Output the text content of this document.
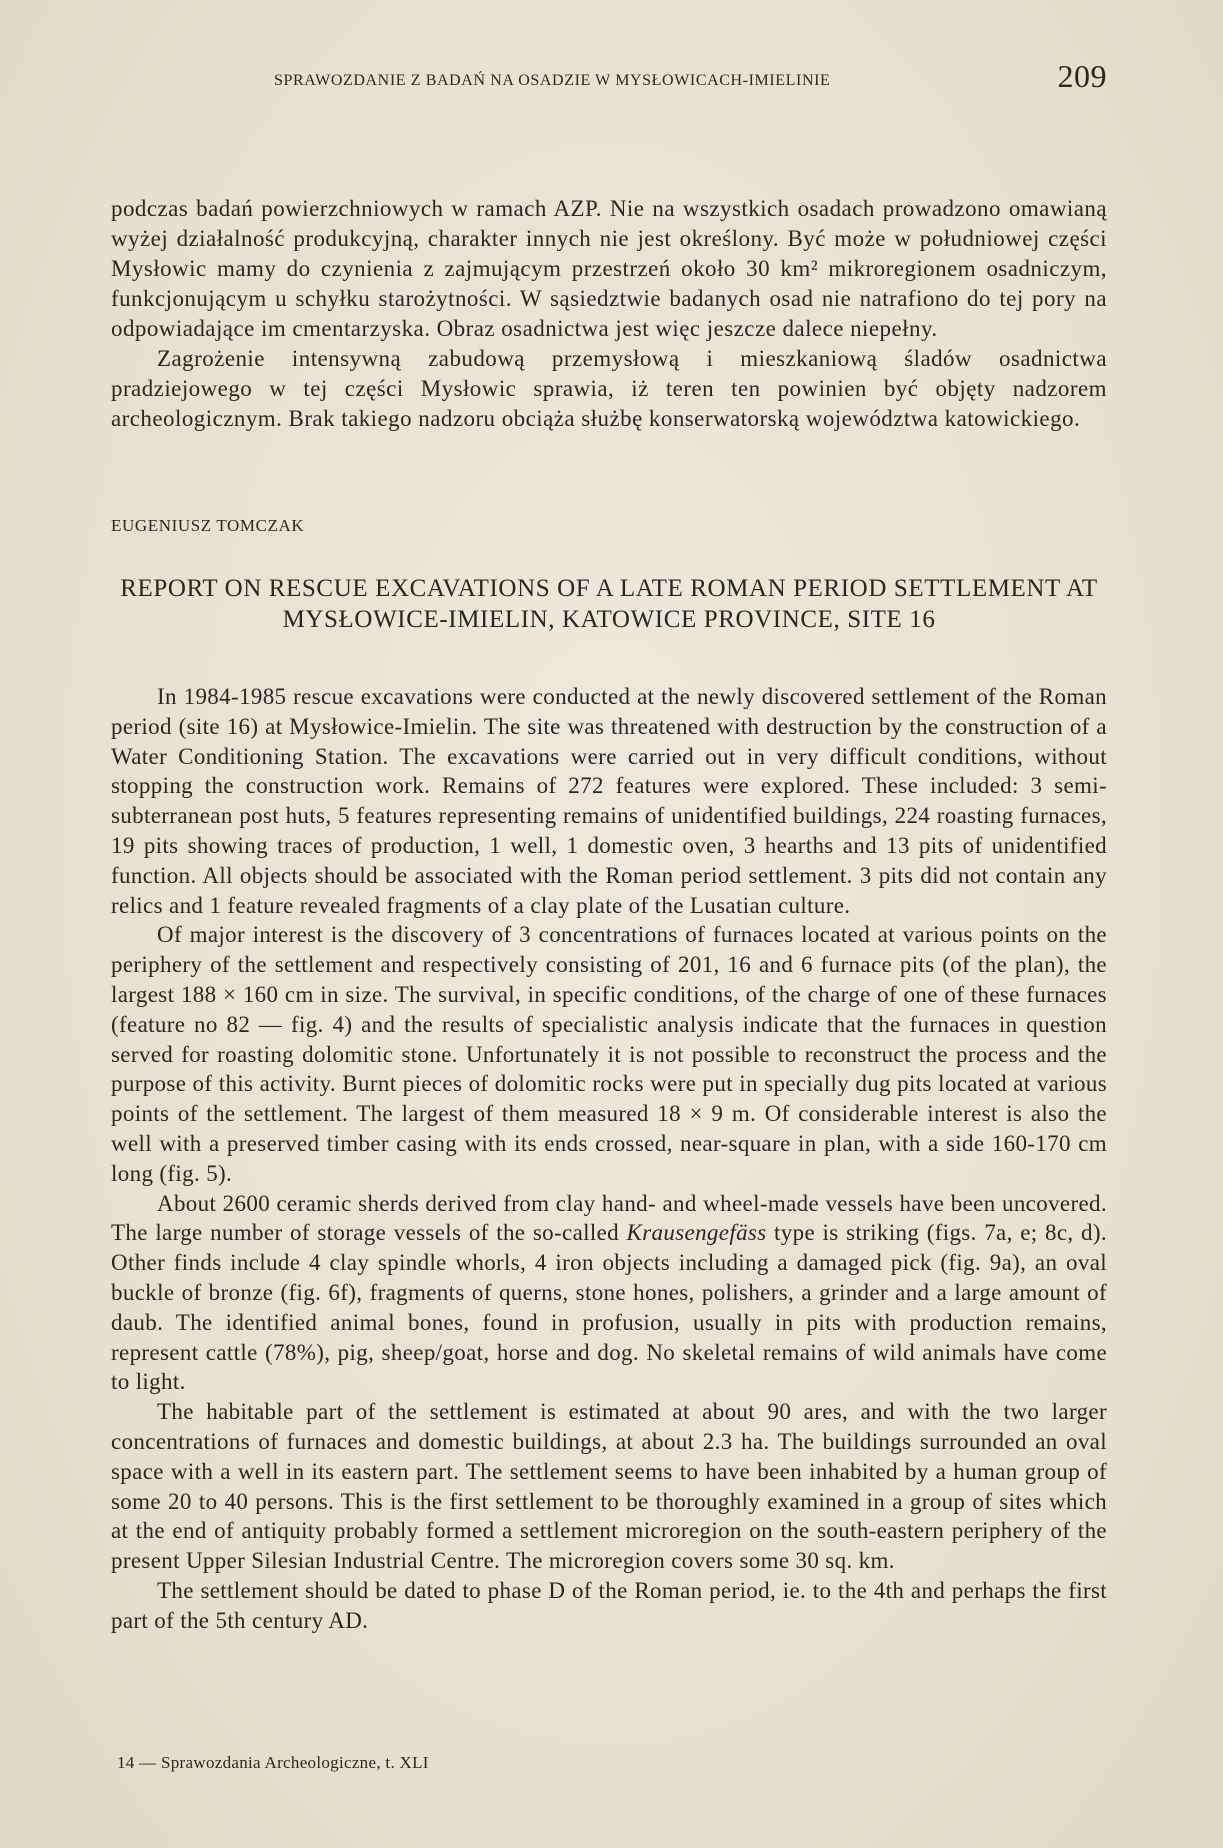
SPRAWOZDANIE Z BADAŃ NA OSADZIE W MYSŁOWICACH-IMIELINIE	209

podczas badań powierzchniowych w ramach AZP. Nie na wszystkich osadach prowadzono omawianą wyżej działalność produkcyjną, charakter innych nie jest określony. Być może w południowej części Mysłowic mamy do czynienia z zajmującym przestrzeń około 30 km² mikroregionem osadniczym, funkcjonującym u schyłku starożytności. W sąsiedztwie badanych osad nie natrafiono do tej pory na odpowiadające im cmentarzyska. Obraz osadnictwa jest więc jeszcze dalece niepełny.

Zagrożenie intensywną zabudową przemysłową i mieszkaniową śladów osadnictwa pradziejowego w tej części Mysłowic sprawia, iż teren ten powinien być objęty nadzorem archeologicznym. Brak takiego nadzoru obciąża służbę konserwatorską województwa katowickiego.

EUGENIUSZ TOMCZAK
REPORT ON RESCUE EXCAVATIONS OF A LATE ROMAN PERIOD SETTLEMENT AT
MYSŁOWICE-IMIELIN, KATOWICE PROVINCE, SITE 16

In 1984-1985 rescue excavations were conducted at the newly discovered settlement of the Roman period (site 16) at Mysłowice-Imielin. The site was threatened with destruction by the construction of a Water Conditioning Station. The excavations were carried out in very difficult conditions, without stopping the construction work. Remains of 272 features were explored. These included: 3 semi-subterranean post huts, 5 features representing remains of unidentified buildings, 224 roasting furnaces, 19 pits showing traces of production, 1 well, 1 domestic oven, 3 hearths and 13 pits of unidentified function. All objects should be associated with the Roman period settlement. 3 pits did not contain any relics and 1 feature revealed fragments of a clay plate of the Lusatian culture.

Of major interest is the discovery of 3 concentrations of furnaces located at various points on the periphery of the settlement and respectively consisting of 201, 16 and 6 furnace pits (of the plan), the largest 188 × 160 cm in size. The survival, in specific conditions, of the charge of one of these furnaces (feature no 82 — fig. 4) and the results of specialistic analysis indicate that the furnaces in question served for roasting dolomitic stone. Unfortunately it is not possible to reconstruct the process and the purpose of this activity. Burnt pieces of dolomitic rocks were put in specially dug pits located at various points of the settlement. The largest of them measured 18 × 9 m. Of considerable interest is also the well with a preserved timber casing with its ends crossed, near-square in plan, with a side 160-170 cm long (fig. 5).

About 2600 ceramic sherds derived from clay hand- and wheel-made vessels have been uncovered. The large number of storage vessels of the so-called Krausengefäss type is striking (figs. 7a, e; 8c, d). Other finds include 4 clay spindle whorls, 4 iron objects including a damaged pick (fig. 9a), an oval buckle of bronze (fig. 6f), fragments of querns, stone hones, polishers, a grinder and a large amount of daub. The identified animal bones, found in profusion, usually in pits with production remains, represent cattle (78%), pig, sheep/goat, horse and dog. No skeletal remains of wild animals have come to light.

The habitable part of the settlement is estimated at about 90 ares, and with the two larger concentrations of furnaces and domestic buildings, at about 2.3 ha. The buildings surrounded an oval space with a well in its eastern part. The settlement seems to have been inhabited by a human group of some 20 to 40 persons. This is the first settlement to be thoroughly examined in a group of sites which at the end of antiquity probably formed a settlement microregion on the south-eastern periphery of the present Upper Silesian Industrial Centre. The microregion covers some 30 sq. km.

The settlement should be dated to phase D of the Roman period, ie. to the 4th and perhaps the first part of the 5th century AD.

14 — Sprawozdania Archeologiczne, t. XLI
